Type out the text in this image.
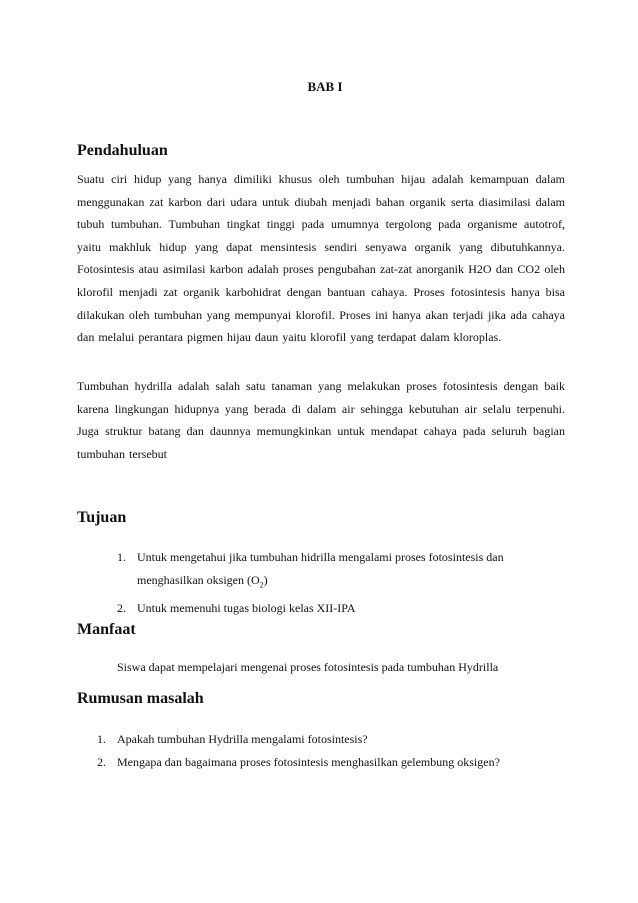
BAB I
Pendahuluan

Suatu ciri hidup yang hanya dimiliki khusus oleh tumbuhan hijau adalah kemampuan dalam menggunakan zat karbon dari udara untuk diubah menjadi bahan organik serta diasimilasi dalam tubuh tumbuhan. Tumbuhan tingkat tinggi pada umumnya tergolong pada organisme autotrof, yaitu makhluk hidup yang dapat mensintesis sendiri senyawa organik yang dibutuhkannya. Fotosintesis atau asimilasi karbon adalah proses pengubahan zat-zat anorganik H2O dan CO2 oleh klorofil menjadi zat organik karbohidrat dengan bantuan cahaya. Proses fotosintesis hanya bisa dilakukan oleh tumbuhan yang mempunyai klorofil. Proses ini hanya akan terjadi jika ada cahaya dan melalui perantara pigmen hijau daun yaitu klorofil yang terdapat dalam kloroplas.

Tumbuhan hydrilla adalah salah satu tanaman yang melakukan proses fotosintesis dengan baik karena lingkungan hidupnya yang berada di dalam air sehingga kebutuhan air selalu terpenuhi. Juga struktur batang dan daunnya memungkinkan untuk mendapat cahaya pada seluruh bagian tumbuhan tersebut

Tujuan
1. Untuk mengetahui jika tumbuhan hidrilla mengalami proses fotosintesis dan menghasilkan oksigen $(O_2)$
2. Untuk memenuhi tugas biologi kelas XII-IPA
Manfaat

Siswa dapat mempelajari mengenai proses fotosintesis pada tumbuhan Hydrilla

Rumusan masalah
1. Apakah tumbuhan Hydrilla mengalami fotosintesis?
2. Mengapa dan bagaimana proses fotosintesis menghasilkan gelembung oksigen?
